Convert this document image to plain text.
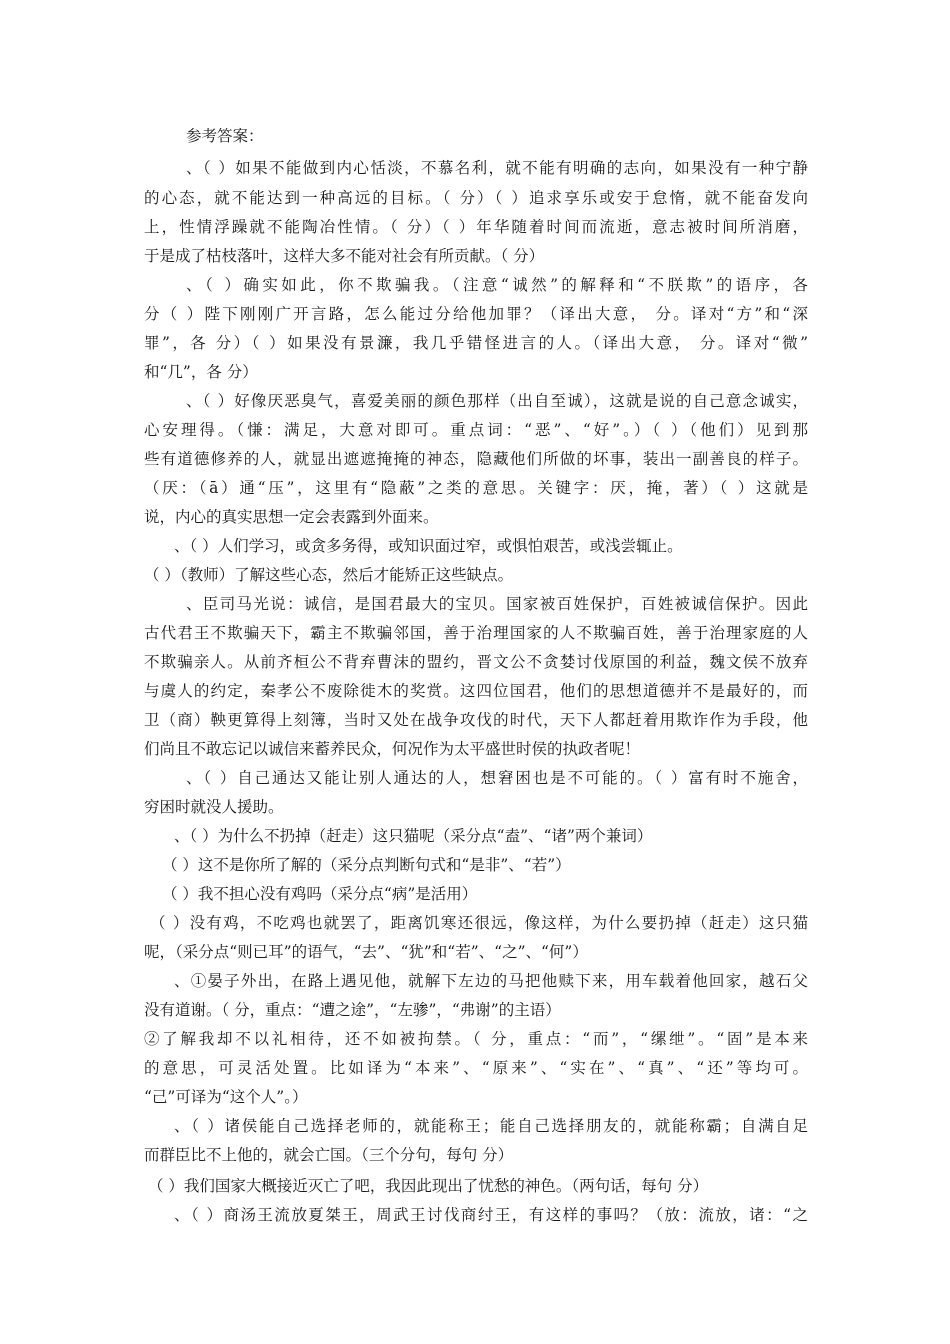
参考答案：
、（ ）如果不能做到内心恬淡，不慕名利，就不能有明确的志向，如果没有一种宁静
的心态，就不能达到一种高远的目标。（ 分）（ ）追求享乐或安于怠惰，就不能奋发向
上，性情浮躁就不能陶冶性情。（ 分）（ ）年华随着时间而流逝，意志被时间所消磨，
于是成了枯枝落叶，这样大多不能对社会有所贡献。（ 分）
、（ ）确实如此，你不欺骗我。（注意“诚然”的解释和“不朕欺”的语序，各
分（ ）陛下刚刚广开言路，怎么能过分给他加罪？（译出大意， 分。译对“方”和“深
罪”，各 分）（ ）如果没有景濂，我几乎错怪进言的人。（译出大意， 分。译对“微”
和“几”，各 分）
、（ ）好像厌恶臭气，喜爱美丽的颜色那样（出自至诚），这就是说的自己意念诚实，
心安理得。（慊：满足，大意对即可。重点词：“恶”、“好”。）（ ）（他们）见到那
些有道德修养的人，就显出遮遮掩掩的神态，隐藏他们所做的坏事，装出一副善良的样子。
（厌：（ā）通“压”，这里有“隐蔽”之类的意思。关键字：厌，掩，著）（ ）这就是
说，内心的真实思想一定会表露到外面来。
、（ ）人们学习，或贪多务得，或知识面过窄，或惧怕艰苦，或浅尝辄止。
（ ）（教师）了解这些心态，然后才能矫正这些缺点。
、臣司马光说：诚信，是国君最大的宝贝。国家被百姓保护，百姓被诚信保护。因此
古代君王不欺骗天下，霸主不欺骗邻国，善于治理国家的人不欺骗百姓，善于治理家庭的人
不欺骗亲人。从前齐桓公不背弃曹沫的盟约，晋文公不贪婪讨伐原国的利益，魏文侯不放弃
与虞人的约定，秦孝公不废除徙木的奖赏。这四位国君，他们的思想道德并不是最好的，而
卫（商）鞅更算得上刻簿，当时又处在战争攻伐的时代，天下人都赶着用欺诈作为手段，他
们尚且不敢忘记以诚信来蓄养民众，何况作为太平盛世时侯的执政者呢！
、（ ）自己通达又能让别人通达的人，想窘困也是不可能的。（ ）富有时不施舍，
穷困时就没人援助。
、（ ）为什么不扔掉（赶走）这只猫呢（采分点“盍”、“诸”两个兼词）
（ ）这不是你所了解的（采分点判断句式和“是非”、“若”）
（ ）我不担心没有鸡吗（采分点“病”是活用）
（ ）没有鸡，不吃鸡也就罢了，距离饥寒还很远，像这样，为什么要扔掉（赶走）这只猫
呢，（采分点“则已耳”的语气，“去”、“犹”和“若”、“之”、“何”）
、①晏子外出，在路上遇见他，就解下左边的马把他赎下来，用车载着他回家，越石父
没有道谢。（ 分，重点：“遭之途”，“左骖”，“弗谢”的主语）
②了解我却不以礼相待，还不如被拘禁。（ 分，重点：“而”，“缧绁”。“固”是本来
的意思，可灵活处置。比如译为“本来”、“原来”、“实在”、“真”、“还”等均可。
“己”可译为“这个人”。）
、（ ）诸侯能自己选择老师的，就能称王；能自己选择朋友的，就能称霸；自满自足
而群臣比不上他的，就会亡国。（三个分句，每句 分）
（ ）我们国家大概接近灭亡了吧，我因此现出了忧愁的神色。（两句话，每句 分）
、（ ）商汤王流放夏桀王，周武王讨伐商纣王，有这样的事吗？（放：流放，诸：“之
